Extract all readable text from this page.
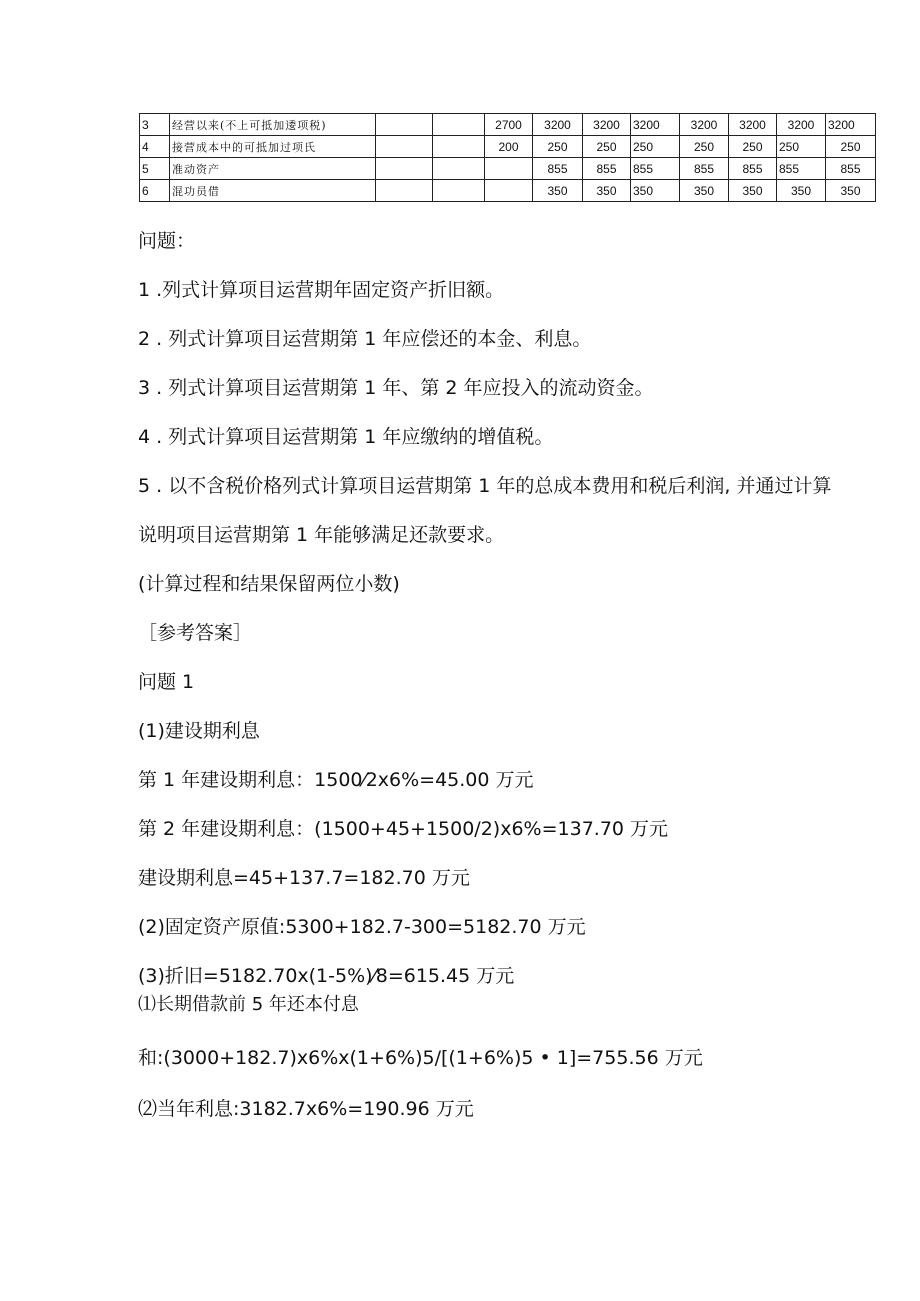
3	经营以来(不上可抵加逶项税)			2700	3200	3200	3200	3200	3200	3200	3200
4	接营成本中的可抵加过项氏			200	250	250	250	250	250	250	250
5	准动资产				855	855	855	855	855	855	855
6	混功员借				350	350	350	350	350	350	350

问题：

1 .列式计算项目运营期年固定资产折旧额。

2 . 列式计算项目运营期第 1 年应偿还的本金、利息。

3 . 列式计算项目运营期第 1 年、第 2 年应投入的流动资金。

4 . 列式计算项目运营期第 1 年应缴纳的增值税。

5 . 以不含税价格列式计算项目运营期第 1 年的总成本费用和税后利润, 并通过计算

说明项目运营期第 1 年能够满足还款要求。

(计算过程和结果保留两位小数)

［参考答案］

问题 1

(1)建设期利息

第 1 年建设期利息：1500⁄2x6%=45.00 万元

第 2 年建设期利息：(1500+45+1500/2)x6%=137.70 万元

建设期利息=45+137.7=182.70 万元

(2)固定资产原值:5300+182.7-300=5182.70 万元

(3)折旧=5182.70x(1-5%)⁄8=615.45 万元

⑴长期借款前 5 年还本付息

和:(3000+182.7)x6%x(1+6%)5/[(1+6%)5 • 1]=755.56 万元

⑵当年利息:3182.7x6%=190.96 万元
